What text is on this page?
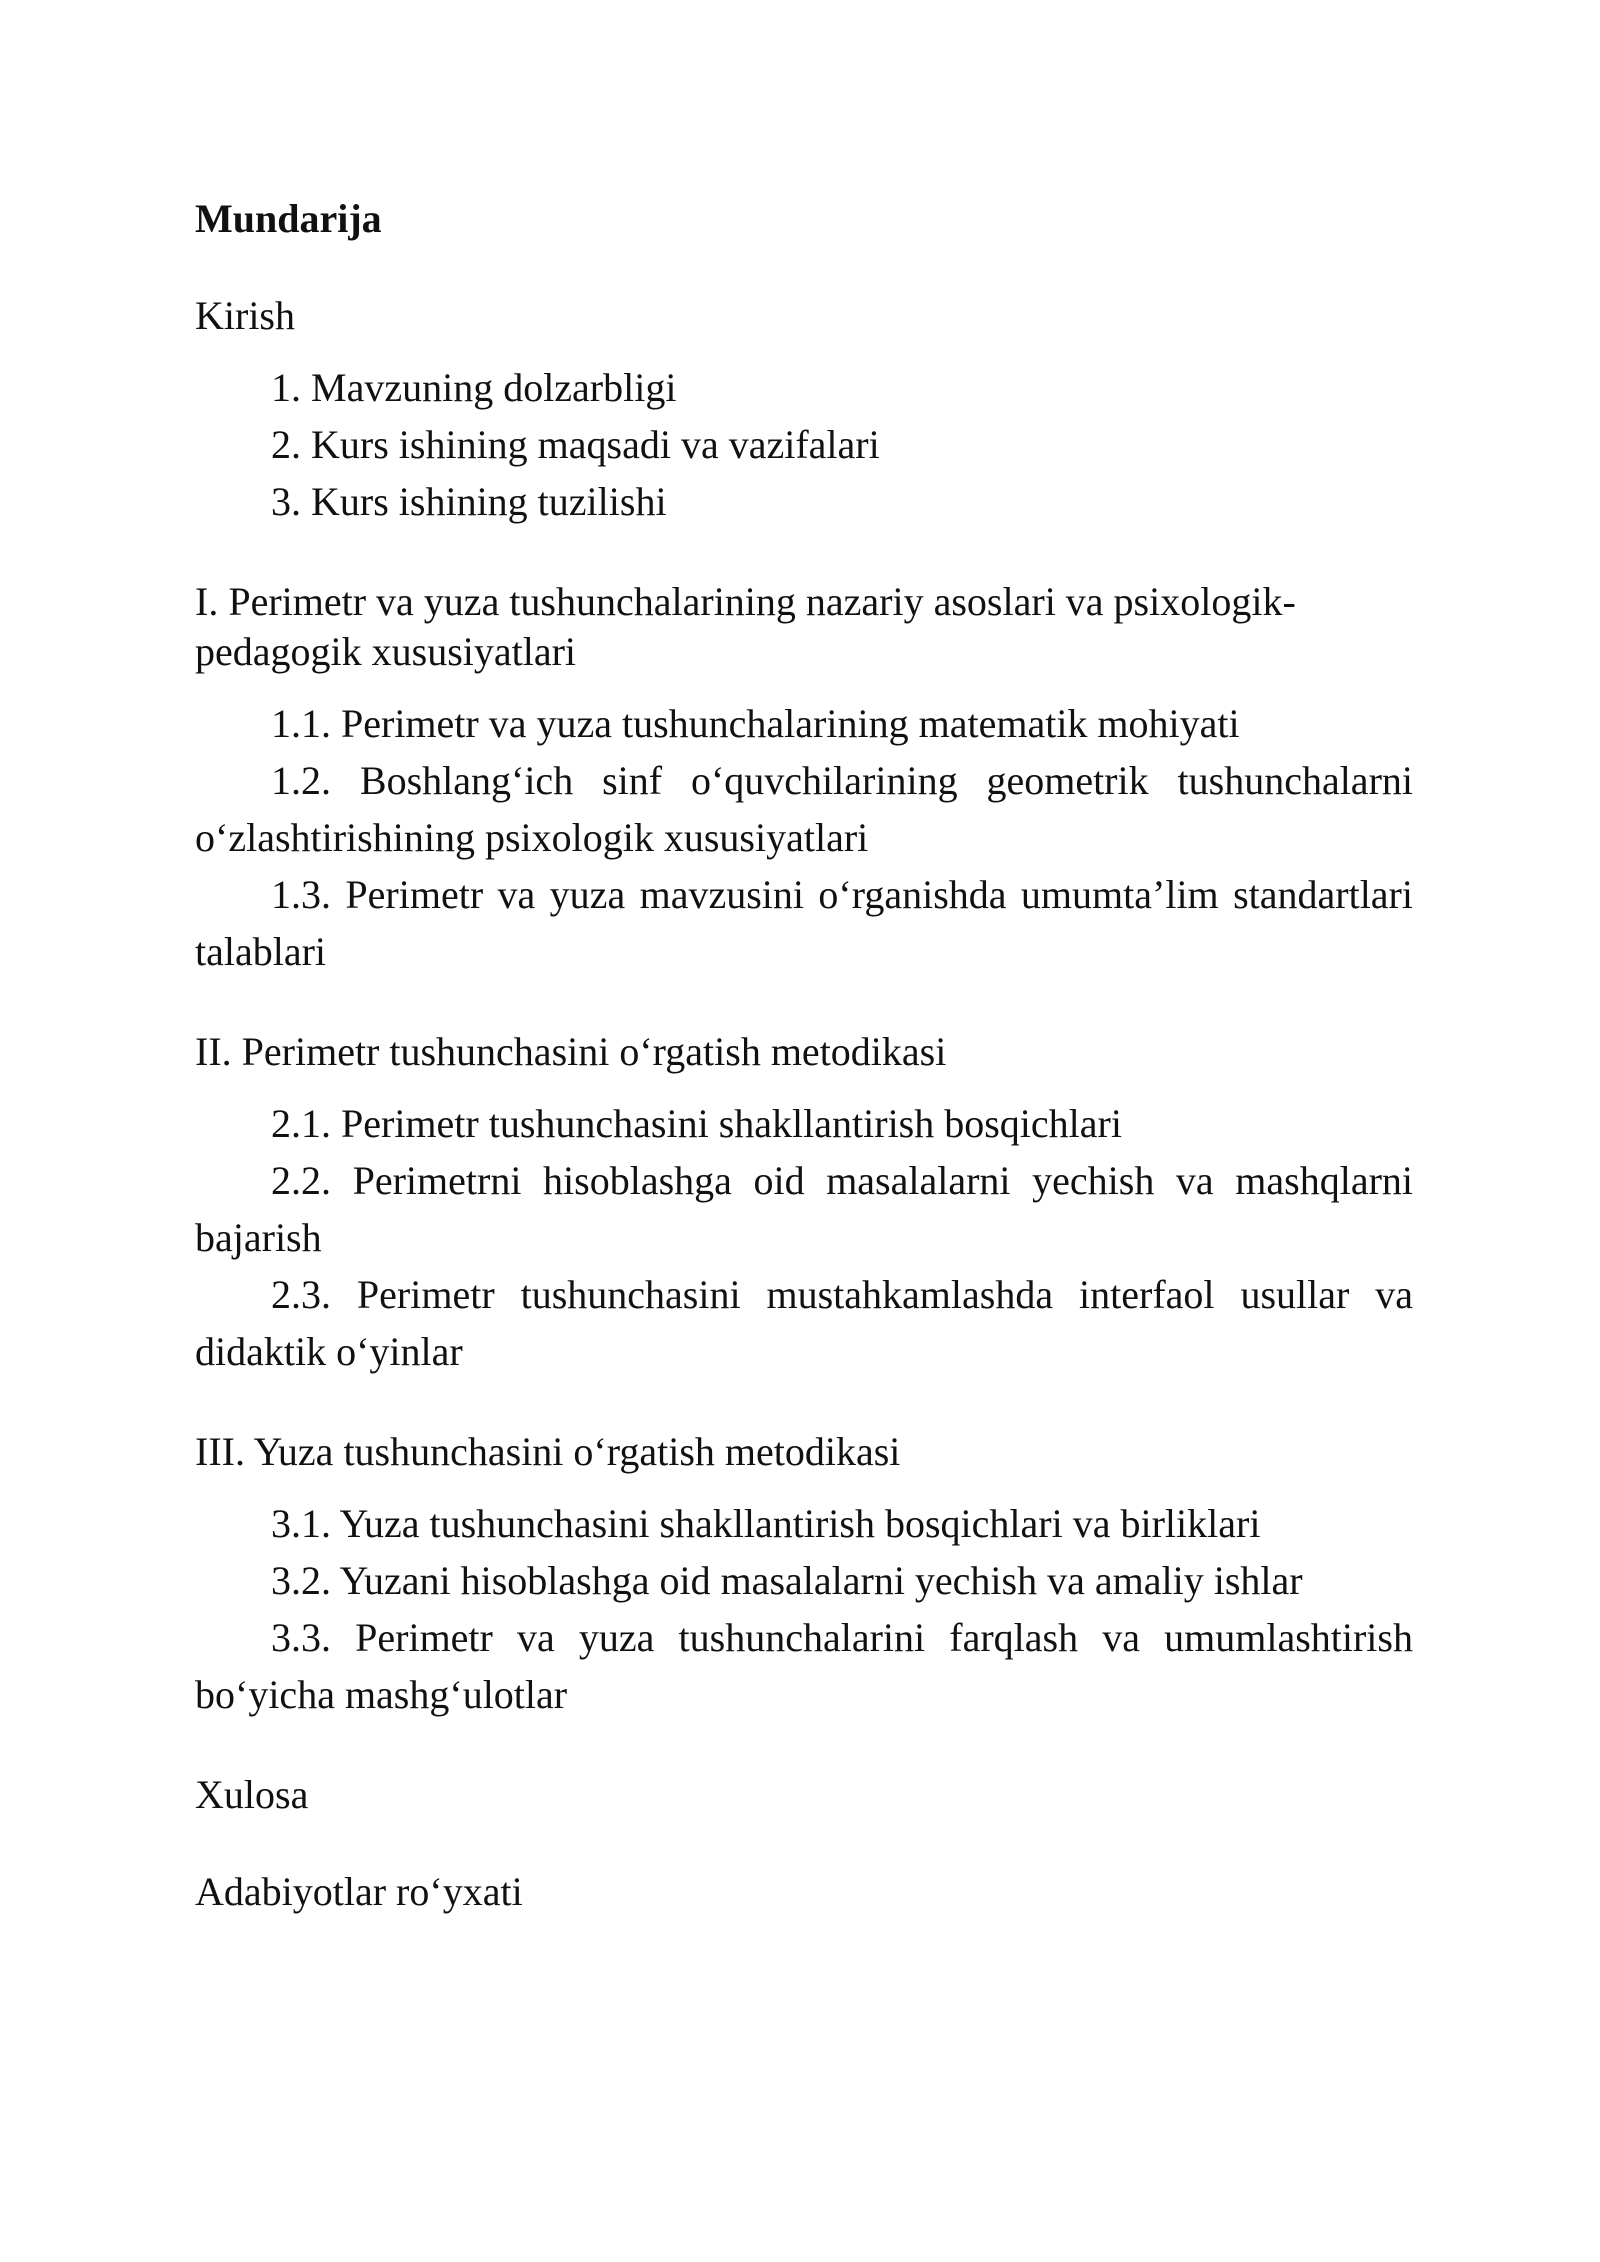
Mundarija
Kirish
1. Mavzuning dolzarbligi
2. Kurs ishining maqsadi va vazifalari
3. Kurs ishining tuzilishi
I. Perimetr va yuza tushunchalarining nazariy asoslari va psixologik-pedagogik xususiyatlari
1.1. Perimetr va yuza tushunchalarining matematik mohiyati
1.2. Boshlang‘ich sinf o‘quvchilarining geometrik tushunchalarni o‘zlashtirishining psixologik xususiyatlari
1.3. Perimetr va yuza mavzusini o‘rganishda umumta’lim standartlari talablari
II. Perimetr tushunchasini o‘rgatish metodikasi
2.1. Perimetr tushunchasini shakllantirish bosqichlari
2.2. Perimetrni hisoblashga oid masalalarni yechish va mashqlarni bajarish
2.3. Perimetr tushunchasini mustahkamlashda interfaol usullar va didaktik o‘yinlar
III. Yuza tushunchasini o‘rgatish metodikasi
3.1. Yuza tushunchasini shakllantirish bosqichlari va birliklari
3.2. Yuzani hisoblashga oid masalalarni yechish va amaliy ishlar
3.3. Perimetr va yuza tushunchalarini farqlash va umumlashtirish bo‘yicha mashg‘ulotlar
Xulosa
Adabiyotlar ro‘yxati
